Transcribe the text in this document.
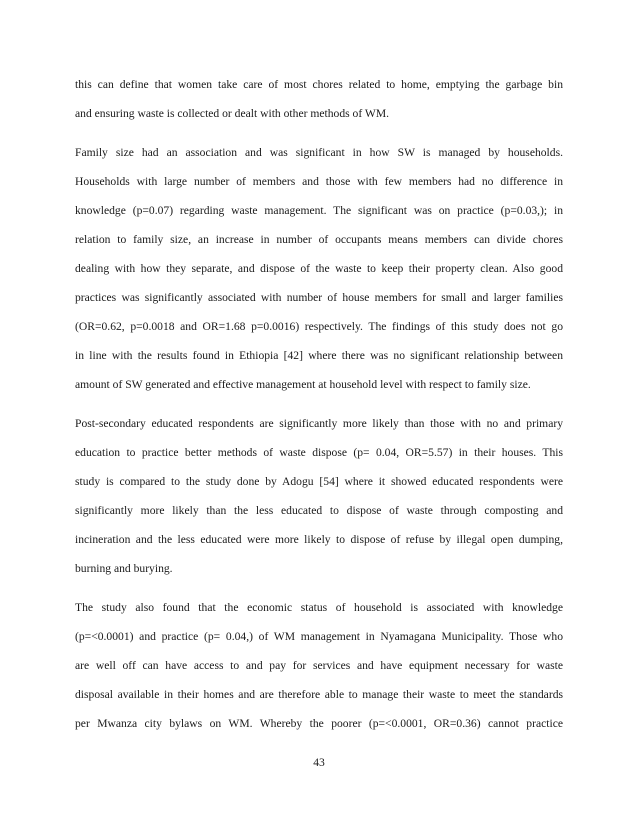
this can define that women take care of most chores related to home, emptying the garbage bin
and ensuring waste is collected or dealt with other methods of WM.

Family size had an association and was significant in how SW is managed by households.
Households with large number of members and those with few members had no difference in
knowledge (p=0.07) regarding waste management. The significant was on practice (p=0.03,); in
relation to family size, an increase in number of occupants means members can divide chores
dealing with how they separate, and dispose of the waste to keep their property clean. Also good
practices was significantly associated with number of house members for small and larger families
(OR=0.62, p=0.0018 and OR=1.68 p=0.0016) respectively. The findings of this study does not go
in line with the results found in Ethiopia [42] where there was no significant relationship between
amount of SW generated and effective management at household level with respect to family size.

Post-secondary educated respondents are significantly more likely than those with no and primary
education to practice better methods of waste dispose (p= 0.04, OR=5.57) in their houses. This
study is compared to the study done by Adogu [54] where it showed educated respondents were
significantly more likely than the less educated to dispose of waste through composting and
incineration and the less educated were more likely to dispose of refuse by illegal open dumping,
burning and burying.

The study also found that the economic status of household is associated with knowledge
(p=<0.0001) and practice (p= 0.04,) of WM management in Nyamagana Municipality. Those who
are well off can have access to and pay for services and have equipment necessary for waste
disposal available in their homes and are therefore able to manage their waste to meet the standards
per Mwanza city bylaws on WM. Whereby the poorer (p=<0.0001, OR=0.36) cannot practice

43
